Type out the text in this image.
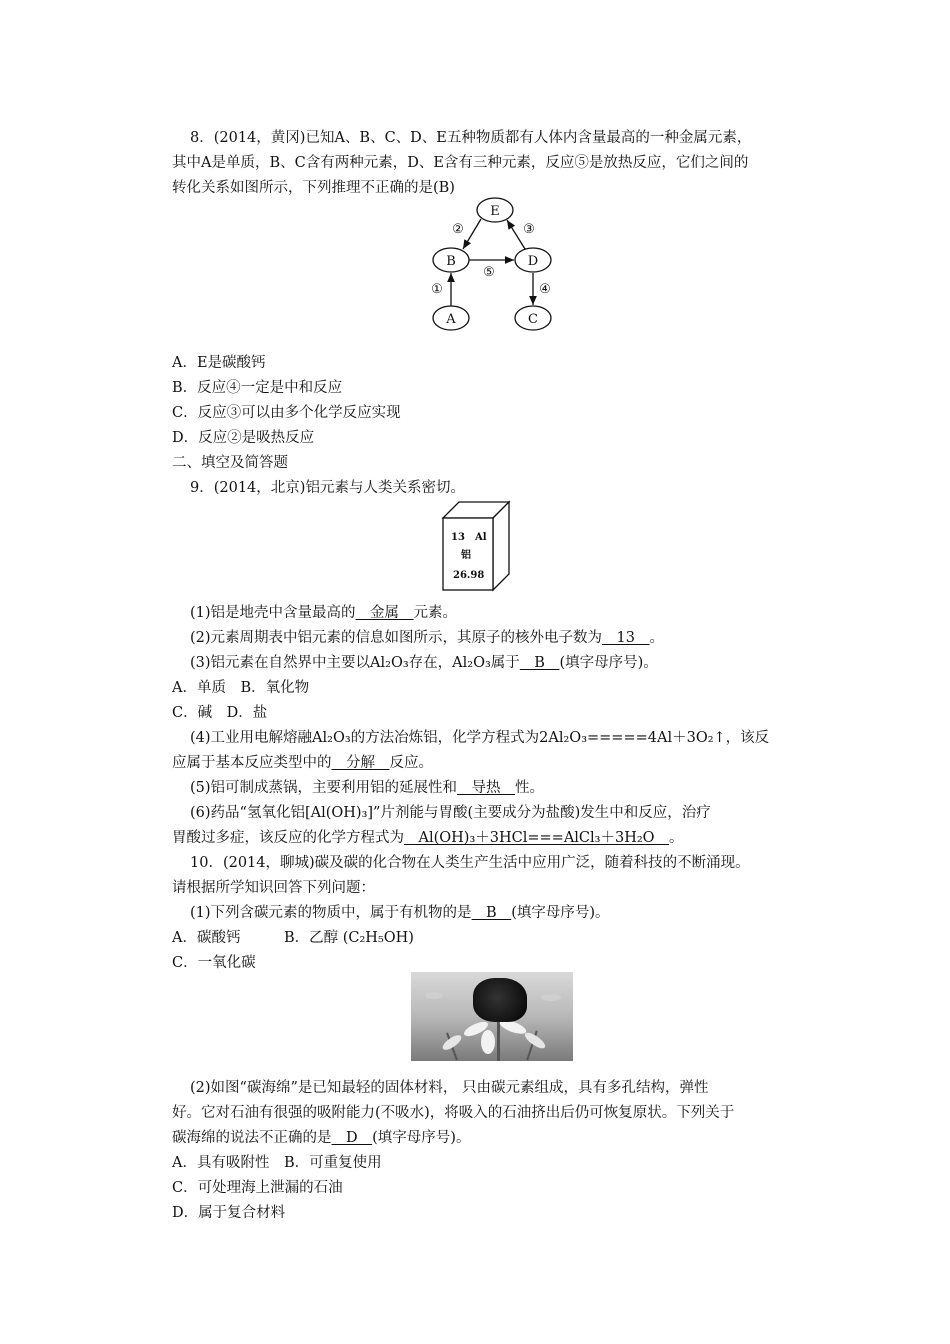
8．(2014，黄冈)已知A、B、C、D、E五种物质都有人体内含量最高的一种金属元素，
其中A是单质，B、C含有两种元素，D、E含有三种元素，反应⑤是放热反应，它们之间的
转化关系如图所示，下列推理不正确的是(B)
E
B	D
A	C
②	③
⑤
①	④
A．E是碳酸钙
B．反应④一定是中和反应
C．反应③可以由多个化学反应实现
D．反应②是吸热反应
二、填空及简答题
9．(2014，北京)铝元素与人类关系密切。
13 Al
铝
26.98
(1)铝是地壳中含量最高的　金属　元素。
(2)元素周期表中铝元素的信息如图所示，其原子的核外电子数为　13　。
(3)铝元素在自然界中主要以Al₂O₃存在，Al₂O₃属于　B　(填字母序号)。
A．单质　B．氧化物
C．碱　D．盐
(4)工业用电解熔融Al₂O₃的方法冶炼铝，化学方程式为2Al₂O₃=====4Al＋3O₂↑，该反
应属于基本反应类型中的　分解　反应。
(5)铝可制成蒸锅，主要利用铝的延展性和　导热　性。
(6)药品“氢氧化铝[Al(OH)₃]”片剂能与胃酸(主要成分为盐酸)发生中和反应，治疗
胃酸过多症，该反应的化学方程式为　Al(OH)₃＋3HCl===AlCl₃＋3H₂O　。
10．(2014，聊城)碳及碳的化合物在人类生产生活中应用广泛，随着科技的不断涌现。
请根据所学知识回答下列问题：
(1)下列含碳元素的物质中，属于有机物的是　B　(填字母序号)。
A．碳酸钙　　　B．乙醇 (C₂H₅OH)
C．一氧化碳
(2)如图“碳海绵”是已知最轻的固体材料， 只由碳元素组成，具有多孔结构，弹性
好。它对石油有很强的吸附能力(不吸水)，将吸入的石油挤出后仍可恢复原状。下列关于
碳海绵的说法不正确的是　D　(填字母序号)。
A．具有吸附性　B．可重复使用
C．可处理海上泄漏的石油
D．属于复合材料
